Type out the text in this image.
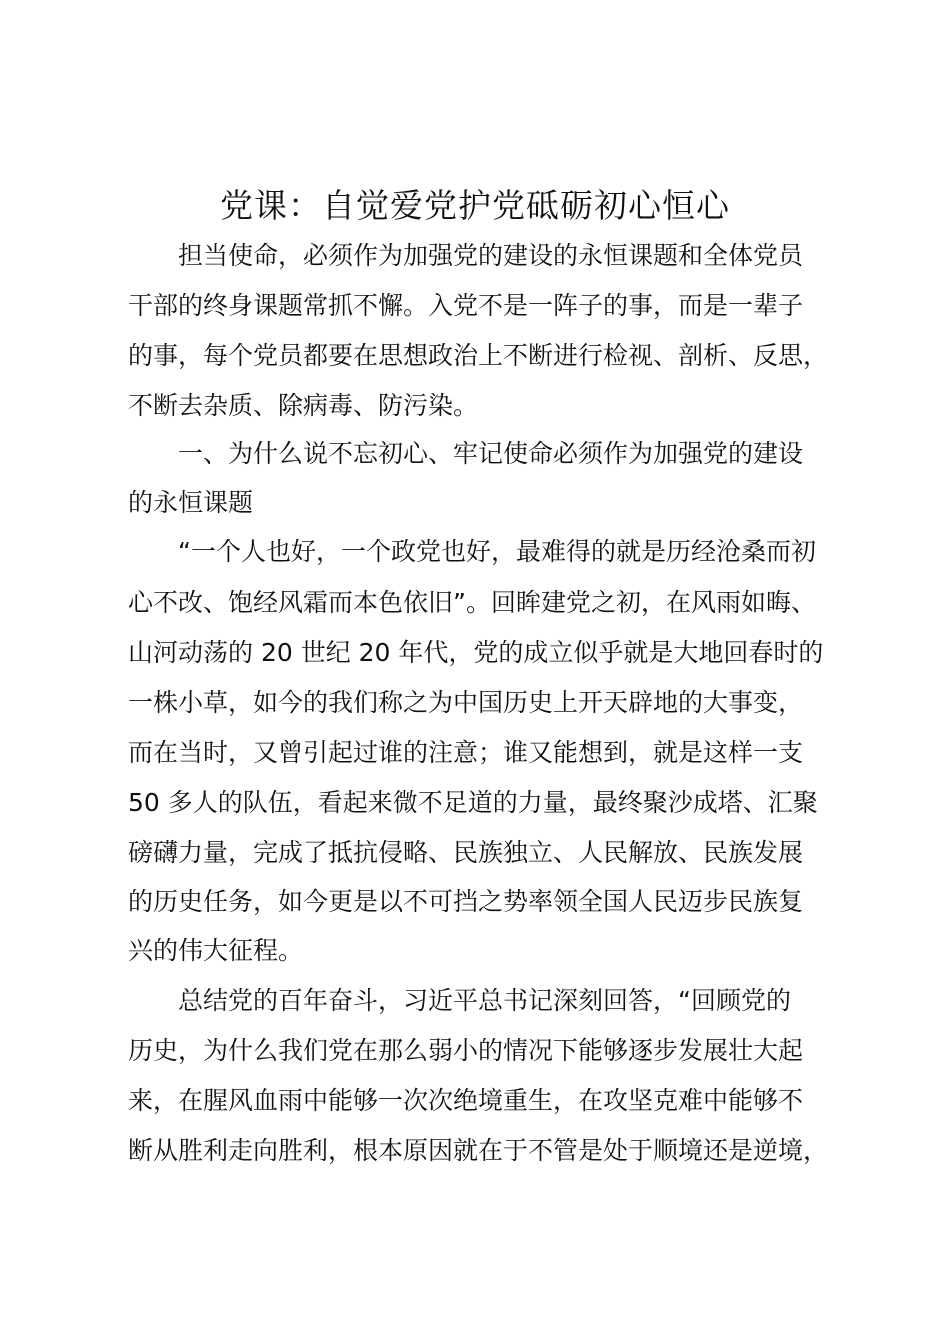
党课：自觉爱党护党砥砺初心恒心

担当使命，必须作为加强党的建设的永恒课题和全体党员

干部的终身课题常抓不懈。入党不是一阵子的事，而是一辈子

的事，每个党员都要在思想政治上不断进行检视、剖析、反思，

不断去杂质、除病毒、防污染。

一、为什么说不忘初心、牢记使命必须作为加强党的建设

的永恒课题

“一个人也好，一个政党也好，最难得的就是历经沧桑而初

心不改、饱经风霜而本色依旧”。回眸建党之初，在风雨如晦、

山河动荡的 20 世纪 20 年代，党的成立似乎就是大地回春时的

一株小草，如今的我们称之为中国历史上开天辟地的大事变，

而在当时，又曾引起过谁的注意；谁又能想到，就是这样一支

50 多人的队伍，看起来微不足道的力量，最终聚沙成塔、汇聚

磅礴力量，完成了抵抗侵略、民族独立、人民解放、民族发展

的历史任务，如今更是以不可挡之势率领全国人民迈步民族复

兴的伟大征程。

总结党的百年奋斗，习近平总书记深刻回答，“回顾党的

历史，为什么我们党在那么弱小的情况下能够逐步发展壮大起

来，在腥风血雨中能够一次次绝境重生，在攻坚克难中能够不

断从胜利走向胜利，根本原因就在于不管是处于顺境还是逆境，
